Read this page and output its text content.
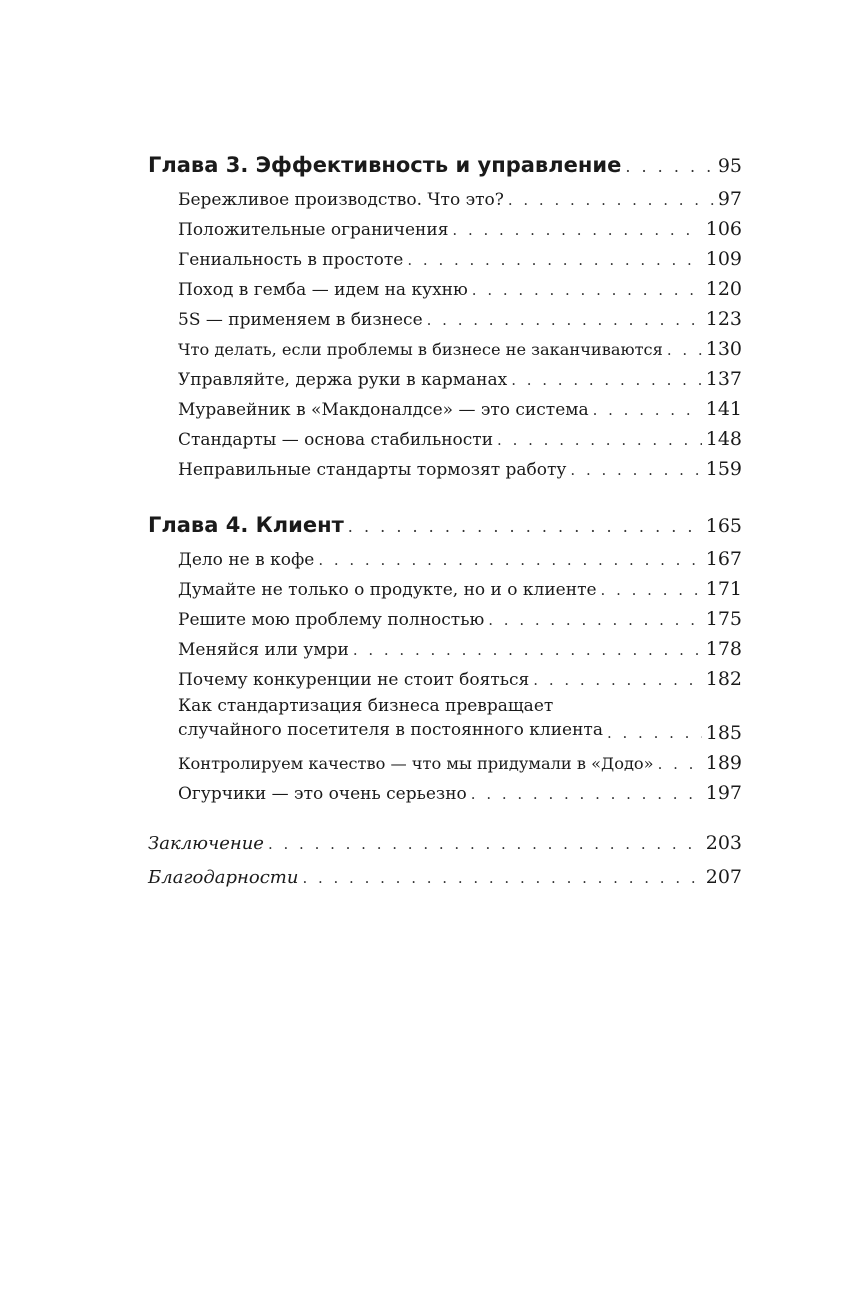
Глава 3. Эффективность и управление . . .	95
Бережливое производство. Что это? . . .	97
Положительные ограничения . . .	106
Гениальность в простоте . . .	109
Поход в гемба — идем на кухню . . .	120
5S — применяем в бизнесе . . .	123
Что делать, если проблемы в бизнесе не заканчиваются . . . 130
Управляйте, держа руки в карманах . . .	137
Муравейник в «Макдоналдсе» — это система . . .	141
Стандарты — основа стабильности . . .	148
Неправильные стандарты тормозят работу . . .	159
Глава 4. Клиент . . .	165
Дело не в кофе . . .	167
Думайте не только о продукте, но и о клиенте . . .	171
Решите мою проблему полностью . . .	175
Меняйся или умри . . .	178
Почему конкуренции не стоит бояться . . .	182
Как стандартизация бизнеса превращает
случайного посетителя в постоянного клиента . . .	185
Контролируем качество — что мы придумали в «Додо» . . .	189
Огурчики — это очень серьезно . . .	197
Заключение . . .	203
Благодарности . . .	207
